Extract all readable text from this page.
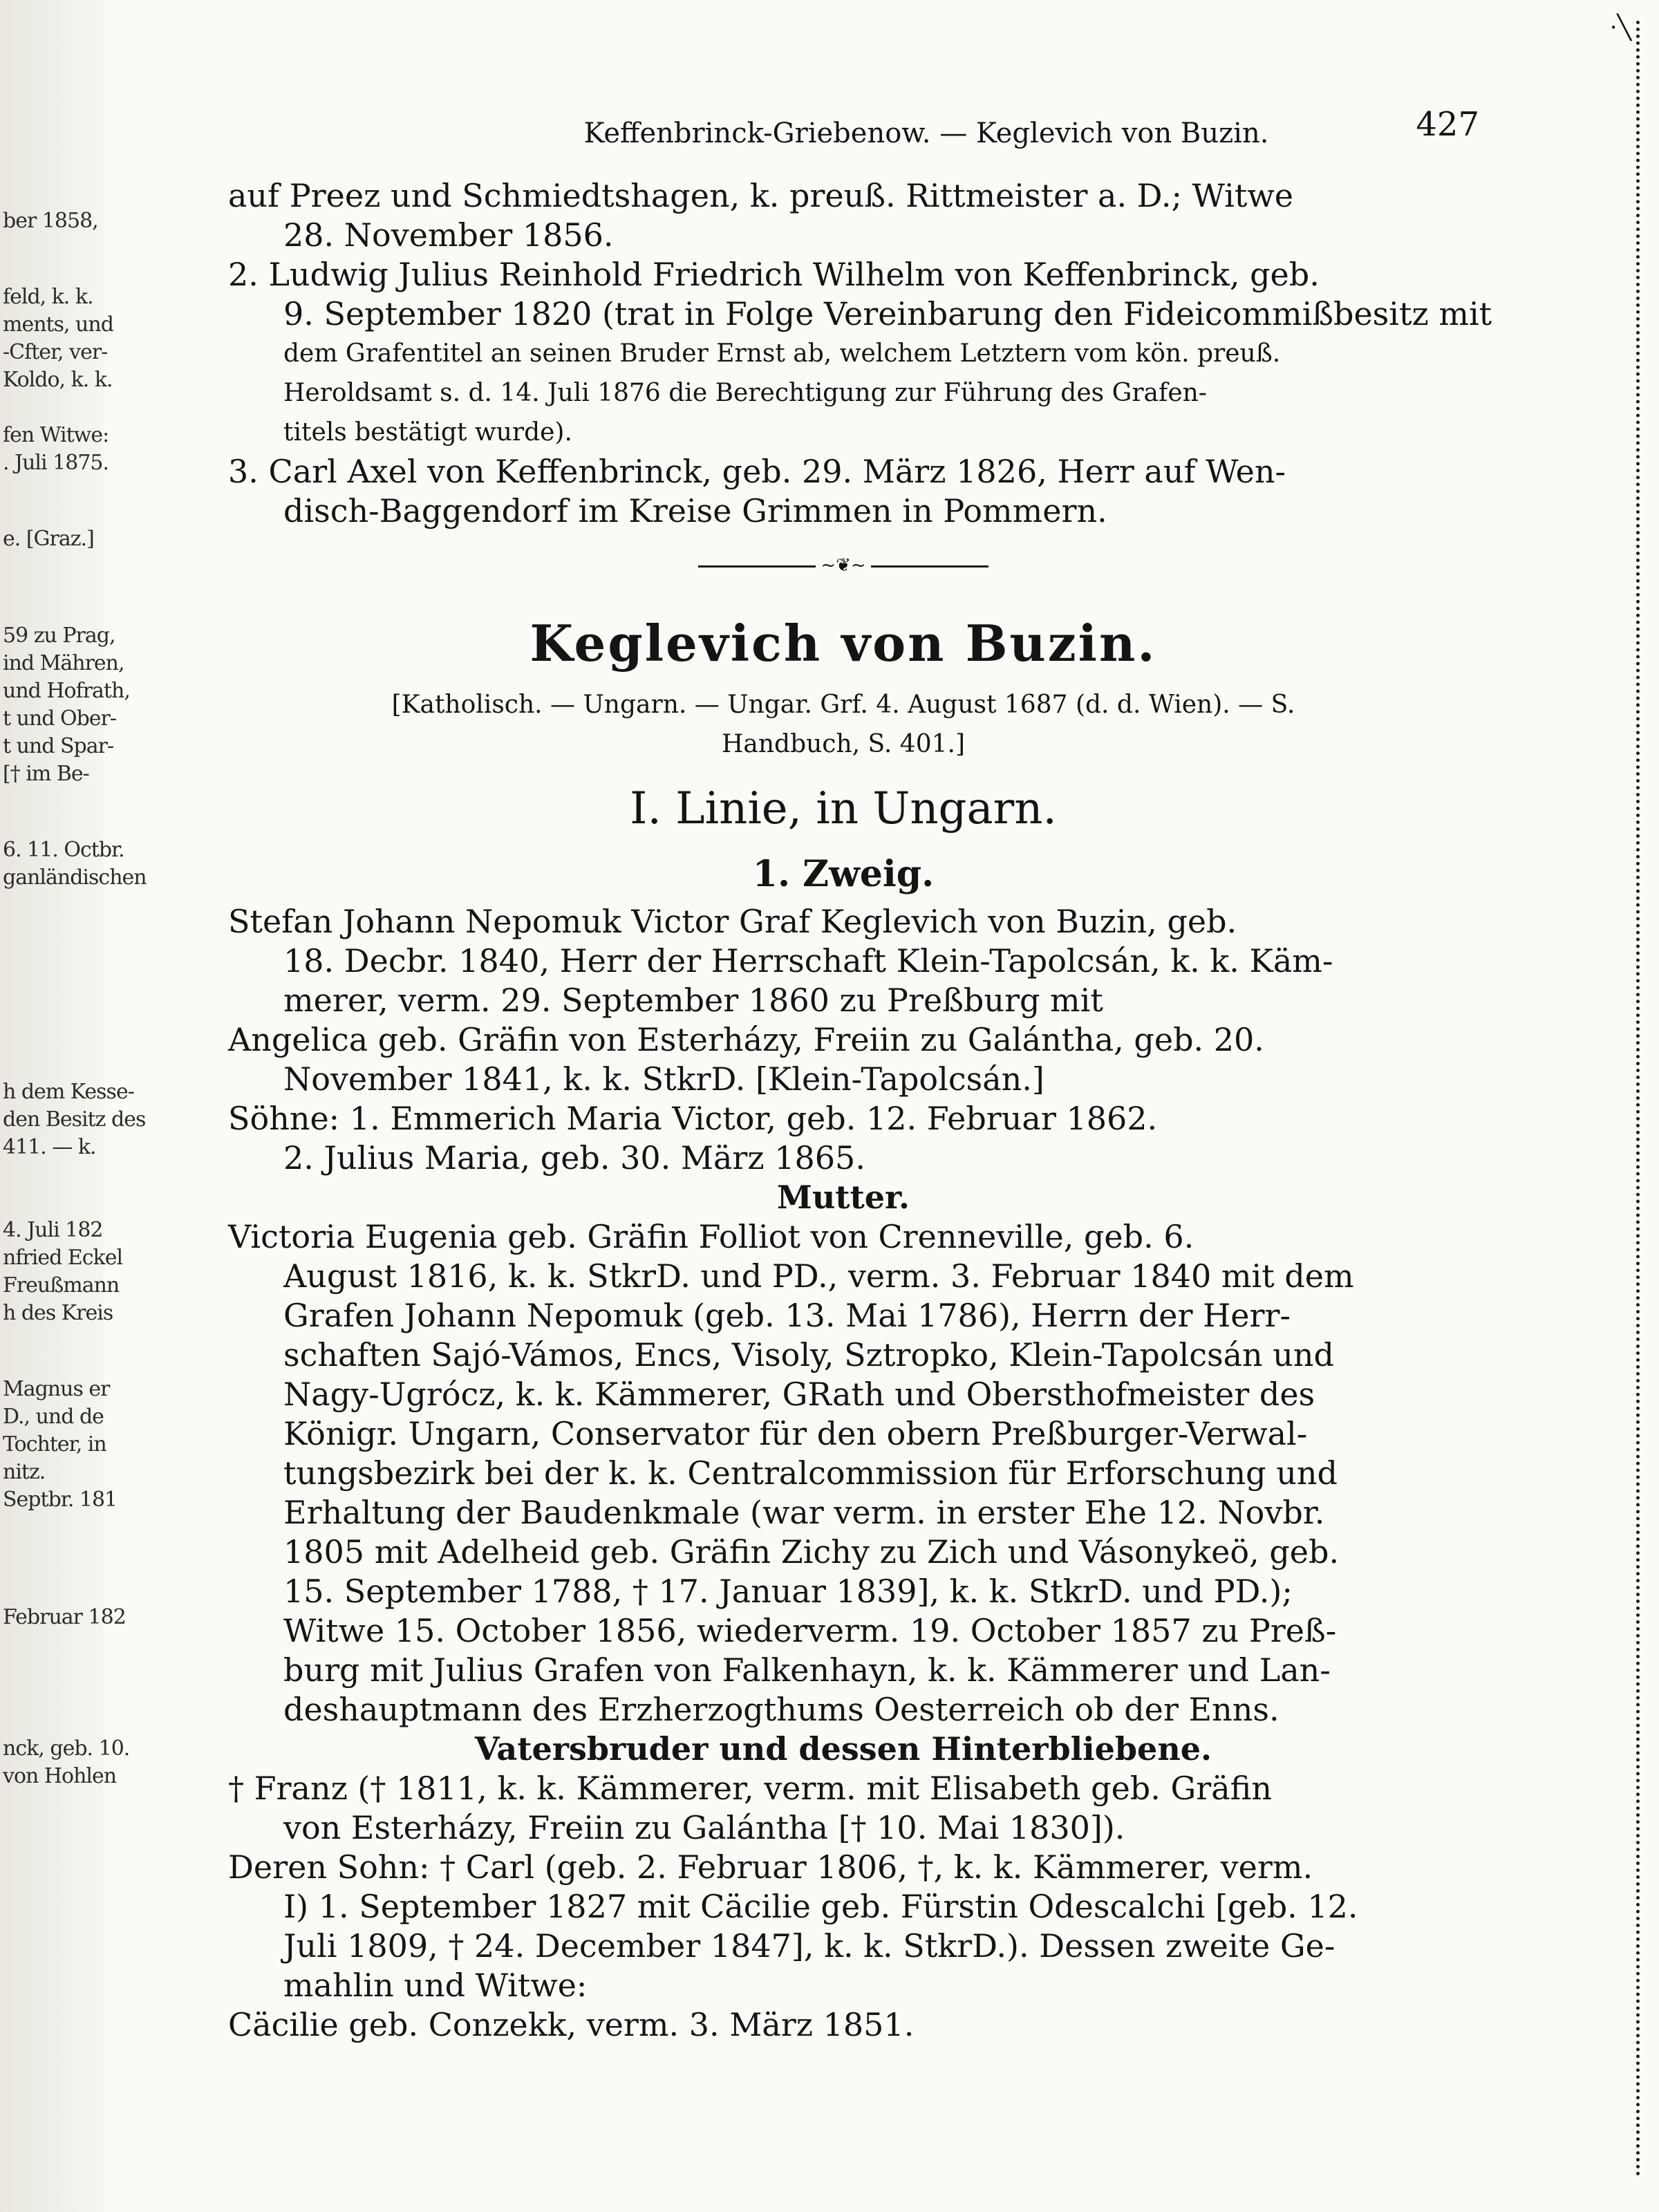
ber 1858,
feld, k. k.
ments, und
-Cfter, ver-
Koldo, k. k.
fen Witwe:
. Juli 1875.
e. [Graz.]
59 zu Prag,
ind Mähren,
und Hofrath,
t und Ober-
t und Spar-
[† im Be-
6. 11. Octbr.
ganländischen
h dem Kesse-
den Besitz des
411. — k.
4. Juli 182
nfried Eckel
Freußmann
h des Kreis
Magnus er
D., und de
Tochter, in
nitz.
Septbr. 181
Februar 182
nck, geb. 10.
von Hohlen
·╲
Keffenbrinck-Griebenow. — Keglevich von Buzin.	427
auf Preez und Schmiedtshagen, k. preuß. Rittmeister a. D.; Witwe
28. November 1856.
2. Ludwig Julius Reinhold Friedrich Wilhelm von Keffenbrinck, geb.
9. September 1820 (trat in Folge Vereinbarung den Fideicommißbesitz mit
dem Grafentitel an seinen Bruder Ernst ab, welchem Letztern vom kön. preuß.
Heroldsamt s. d. 14. Juli 1876 die Berechtigung zur Führung des Grafen-
titels bestätigt wurde).
3. Carl Axel von Keffenbrinck, geb. 29. März 1826, Herr auf Wen-
disch-Baggendorf im Kreise Grimmen in Pommern.
~❦~
Keglevich von Buzin.
[Katholisch. — Ungarn. — Ungar. Grf. 4. August 1687 (d. d. Wien). — S.
Handbuch, S. 401.]
I. Linie, in Ungarn.
1. Zweig.
Stefan Johann Nepomuk Victor Graf Keglevich von Buzin, geb.
18. Decbr. 1840, Herr der Herrschaft Klein-Tapolcsán, k. k. Käm-
merer, verm. 29. September 1860 zu Preßburg mit
Angelica geb. Gräfin von Esterházy, Freiin zu Galántha, geb. 20.
November 1841, k. k. StkrD. [Klein-Tapolcsán.]
Söhne: 1. Emmerich Maria Victor, geb. 12. Februar 1862.
2. Julius Maria, geb. 30. März 1865.
Mutter.
Victoria Eugenia geb. Gräfin Folliot von Crenneville, geb. 6.
August 1816, k. k. StkrD. und PD., verm. 3. Februar 1840 mit dem
Grafen Johann Nepomuk (geb. 13. Mai 1786), Herrn der Herr-
schaften Sajó-Vámos, Encs, Visoly, Sztropko, Klein-Tapolcsán und
Nagy-Ugrócz, k. k. Kämmerer, GRath und Obersthofmeister des
Königr. Ungarn, Conservator für den obern Preßburger-Verwal-
tungsbezirk bei der k. k. Centralcommission für Erforschung und
Erhaltung der Baudenkmale (war verm. in erster Ehe 12. Novbr.
1805 mit Adelheid geb. Gräfin Zichy zu Zich und Vásonykeö, geb.
15. September 1788, † 17. Januar 1839], k. k. StkrD. und PD.);
Witwe 15. October 1856, wiederverm. 19. October 1857 zu Preß-
burg mit Julius Grafen von Falkenhayn, k. k. Kämmerer und Lan-
deshauptmann des Erzherzogthums Oesterreich ob der Enns.
Vatersbruder und dessen Hinterbliebene.
† Franz († 1811, k. k. Kämmerer, verm. mit Elisabeth geb. Gräfin
von Esterházy, Freiin zu Galántha [† 10. Mai 1830]).
Deren Sohn: † Carl (geb. 2. Februar 1806, †, k. k. Kämmerer, verm.
I) 1. September 1827 mit Cäcilie geb. Fürstin Odescalchi [geb. 12.
Juli 1809, † 24. December 1847], k. k. StkrD.). Dessen zweite Ge-
mahlin und Witwe:
Cäcilie geb. Conzekk, verm. 3. März 1851.
